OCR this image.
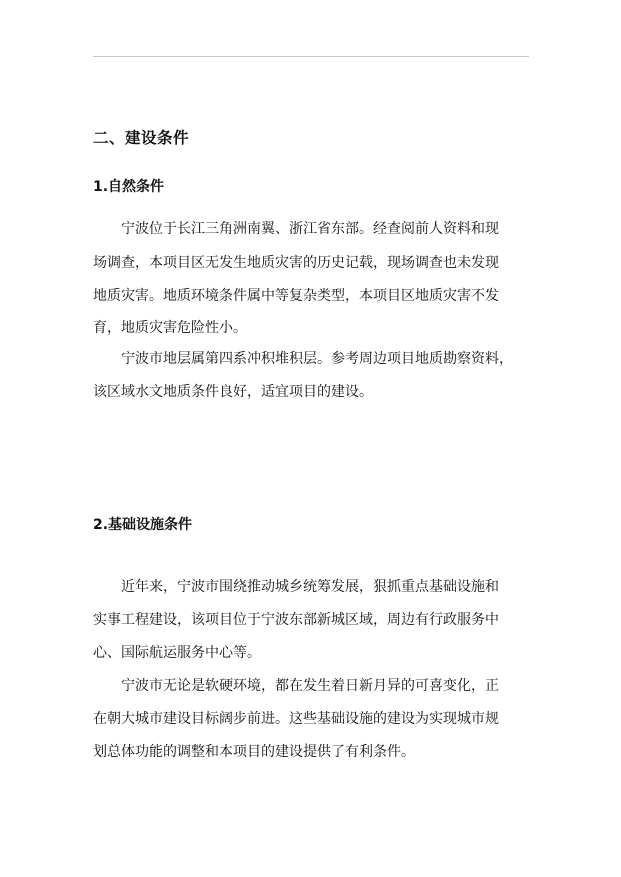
二、建设条件
1.自然条件
宁波位于长江三角洲南翼、浙江省东部。经查阅前人资料和现
场调查，本项目区无发生地质灾害的历史记载，现场调查也未发现
地质灾害。地质环境条件属中等复杂类型，本项目区地质灾害不发
育，地质灾害危险性小。
宁波市地层属第四系冲积堆积层。参考周边项目地质勘察资料，
该区域水文地质条件良好，适宜项目的建设。
2.基础设施条件
近年来，宁波市围绕推动城乡统筹发展，狠抓重点基础设施和
实事工程建设，该项目位于宁波东部新城区域，周边有行政服务中
心、国际航运服务中心等。
宁波市无论是软硬环境，都在发生着日新月异的可喜变化，正
在朝大城市建设目标阔步前进。这些基础设施的建设为实现城市规
划总体功能的调整和本项目的建设提供了有利条件。
